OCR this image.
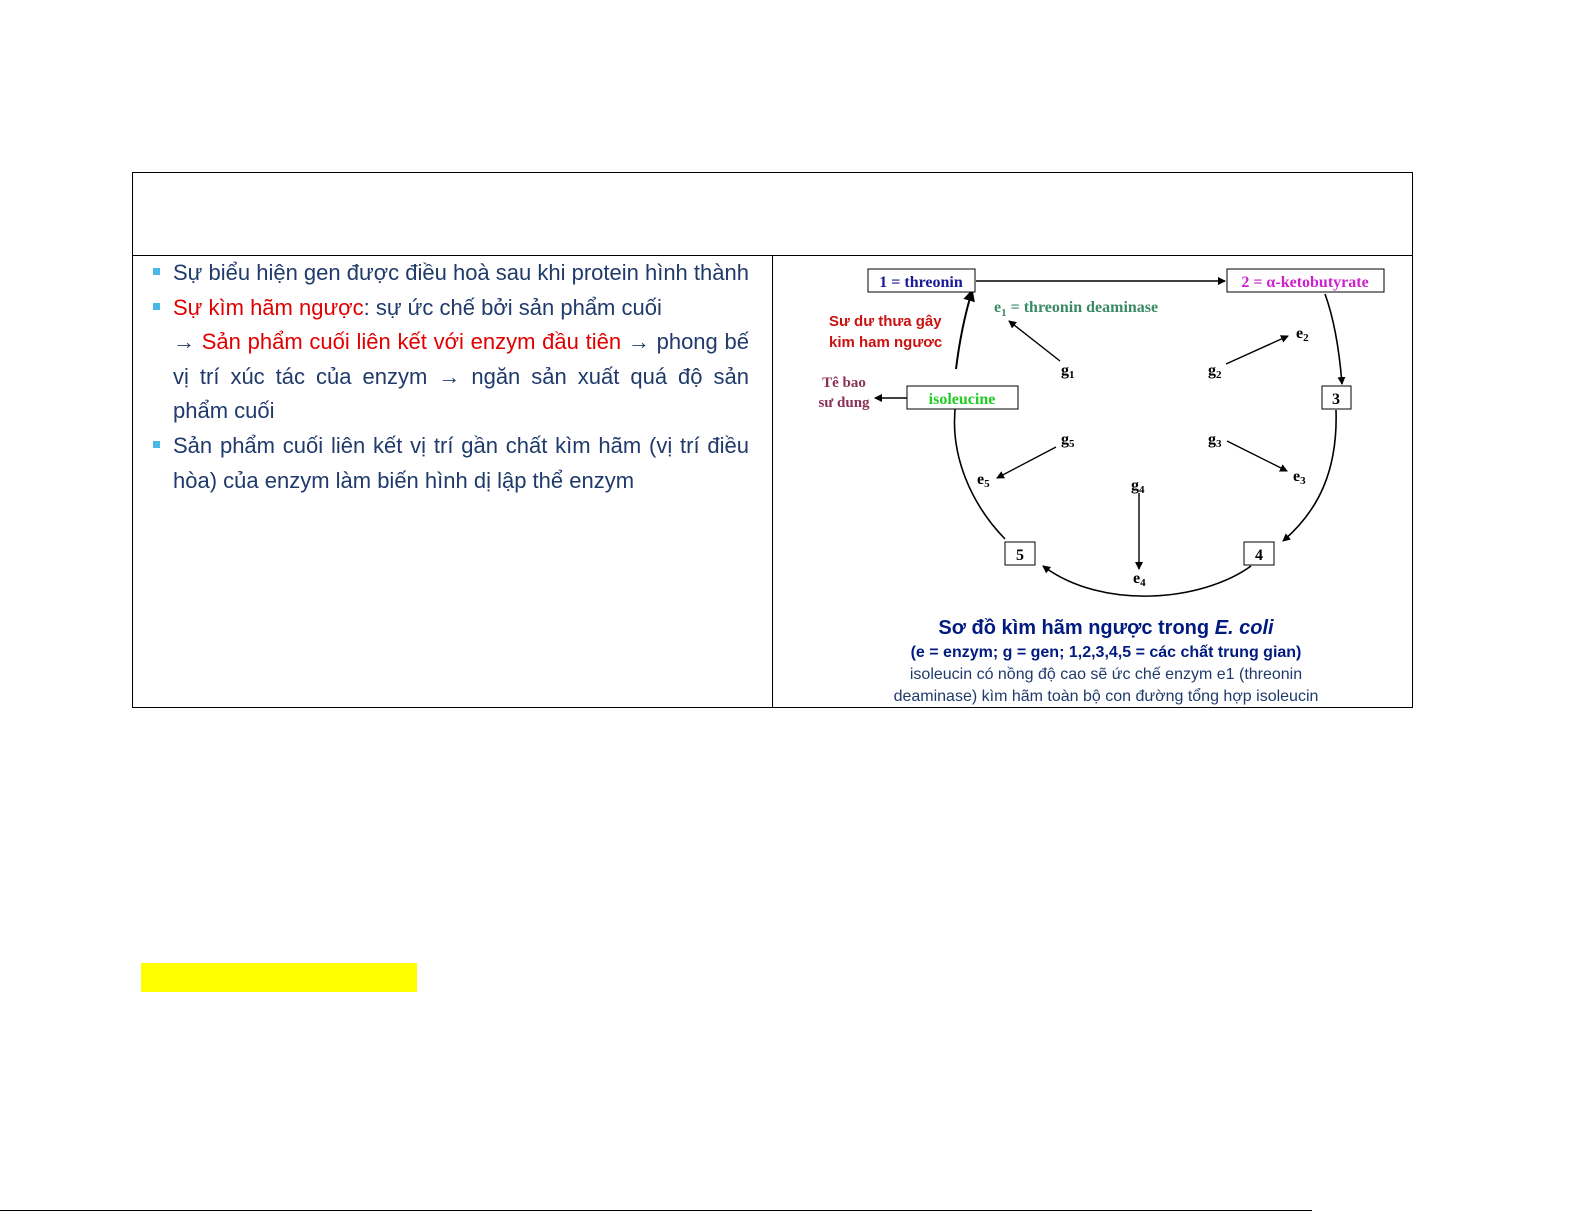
Sự biểu hiện gen được điều hoà sau khi protein hình thành
Sự kìm hãm ngược: sự ức chế bởi sản phẩm cuối
→ Sản phẩm cuối liên kết với enzym đầu tiên → phong bế vị trí xúc tác của enzym → ngăn sản xuất quá độ sản phẩm cuối
Sản phẩm cuối liên kết vị trí gần chất kìm hãm (vị trí điều hòa) của enzym làm biến hình dị lập thể enzym
1 = threonin	2 = α-ketobutyrate
3
4
5
isoleucine
$e_1$ = threonin deaminase
Sư dư thưa gây
kim ham ngươc
Tê bao
sư dung
g1	g2
g3
g4
g5
e2
e3
e4
e5
Sơ đồ kìm hãm ngược trong E. coli
(e = enzym; g = gen; 1,2,3,4,5 = các chất trung gian)
isoleucin có nồng độ cao sẽ ức chế enzym e1 (threonin
deaminase) kìm hãm toàn bộ con đường tổng hợp isoleucin
